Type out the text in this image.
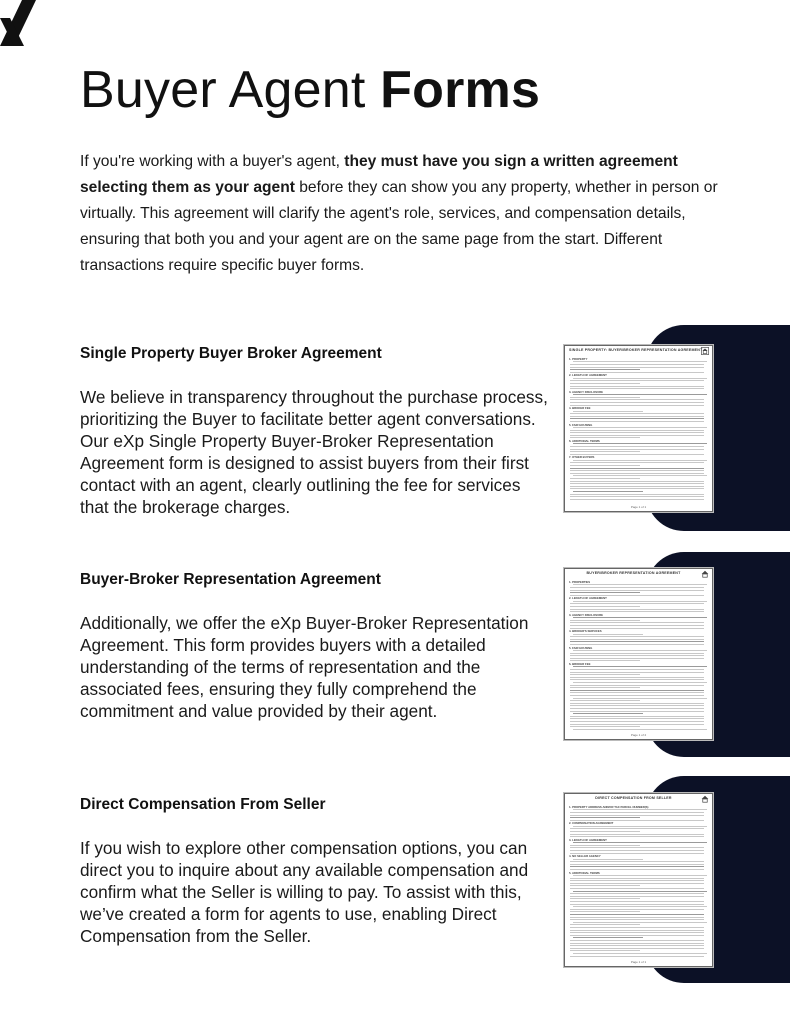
Buyer Agent Forms

If you're working with a buyer's agent, they must have you sign a written agreement selecting them as your agent before they can show you any property, whether in person or virtually. This agreement will clarify the agent's role, services, and compensation details, ensuring that both you and your agent are on the same page from the start. Different transactions require specific buyer forms.

Single Property Buyer Broker Agreement

We believe in transparency throughout the purchase process, prioritizing the Buyer to facilitate better agent conversations. Our eXp Single Property Buyer-Broker Representation Agreement form is designed to assist buyers from their first contact with an agent, clearly outlining the fee for services that the brokerage charges.

SINGLE PROPERTY: BUYER/BROKER REPRESENTATION AGREEMENT
Page 1 of 1
1. PROPERTY
2. LENGTH OF AGREEMENT
3. AGENCY DISCLOSURE
4. BROKER FEE
5. FAIR HOUSING
6. ADDITIONAL TERMS
7. OTHER BUYERS
Buyer-Broker Representation Agreement

Additionally, we offer the eXp Buyer-Broker Representation Agreement. This form provides buyers with a detailed understanding of the terms of representation and the associated fees, ensuring they fully comprehend the commitment and value provided by their agent.

BUYER/BROKER REPRESENTATION AGREEMENT
Page 1 of 2
1. PROPERTIES
2. LENGTH OF AGREEMENT
3. AGENCY DISCLOSURE
4. BROKER'S SERVICES
5. FAIR HOUSING
6. BROKER FEE
Direct Compensation From Seller

If you wish to explore other compensation options, you can direct you to inquire about any available compensation and confirm what the Seller is willing to pay. To assist with this, we’ve created a form for agents to use, enabling Direct Compensation from the Seller.

DIRECT COMPENSATION FROM SELLER
Page 1 of 1
1. PROPERTY ADDRESS AND/OR TAX PARCEL NUMBER(S)
2. COMPENSATION AGREEMENT
3. LENGTH OF AGREEMENT
4. NO SELLER AGENCY
5. ADDITIONAL TERMS
